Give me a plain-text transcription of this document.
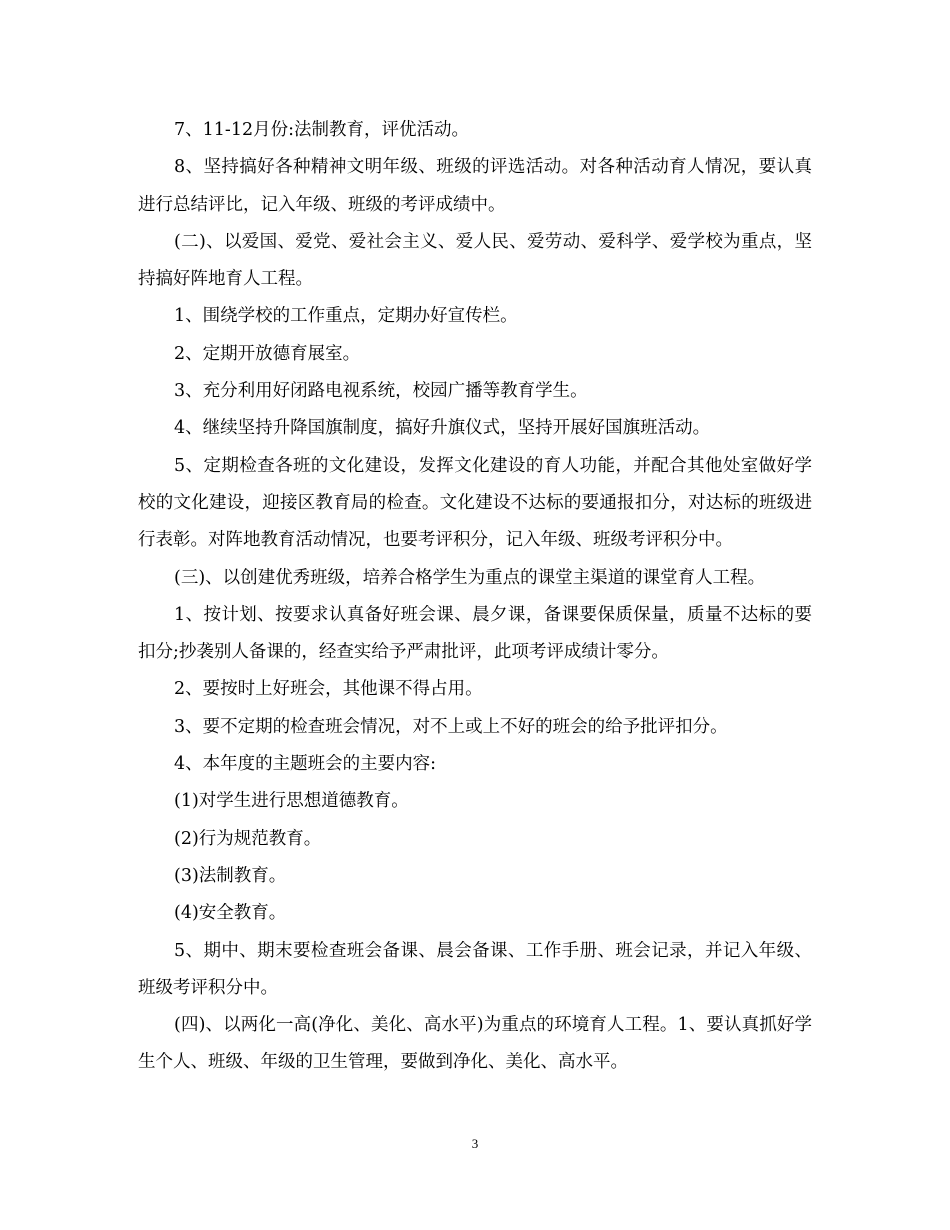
7、11-12月份:法制教育，评优活动。

8、坚持搞好各种精神文明年级、班级的评选活动。对各种活动育人情况，要认真进行总结评比，记入年级、班级的考评成绩中。

(二)、以爱国、爱党、爱社会主义、爱人民、爱劳动、爱科学、爱学校为重点，坚持搞好阵地育人工程。

1、围绕学校的工作重点，定期办好宣传栏。

2、定期开放德育展室。

3、充分利用好闭路电视系统，校园广播等教育学生。

4、继续坚持升降国旗制度，搞好升旗仪式，坚持开展好国旗班活动。

5、定期检查各班的文化建设，发挥文化建设的育人功能，并配合其他处室做好学校的文化建设，迎接区教育局的检查。文化建设不达标的要通报扣分，对达标的班级进行表彰。对阵地教育活动情况，也要考评积分，记入年级、班级考评积分中。

(三)、以创建优秀班级，培养合格学生为重点的课堂主渠道的课堂育人工程。

1、按计划、按要求认真备好班会课、晨夕课，备课要保质保量，质量不达标的要扣分;抄袭别人备课的，经查实给予严肃批评，此项考评成绩计零分。

2、要按时上好班会，其他课不得占用。

3、要不定期的检查班会情况，对不上或上不好的班会的给予批评扣分。

4、本年度的主题班会的主要内容:

(1)对学生进行思想道德教育。

(2)行为规范教育。

(3)法制教育。

(4)安全教育。

5、期中、期末要检查班会备课、晨会备课、工作手册、班会记录，并记入年级、班级考评积分中。

(四)、以两化一高(净化、美化、高水平)为重点的环境育人工程。1、要认真抓好学生个人、班级、年级的卫生管理，要做到净化、美化、高水平。

3
